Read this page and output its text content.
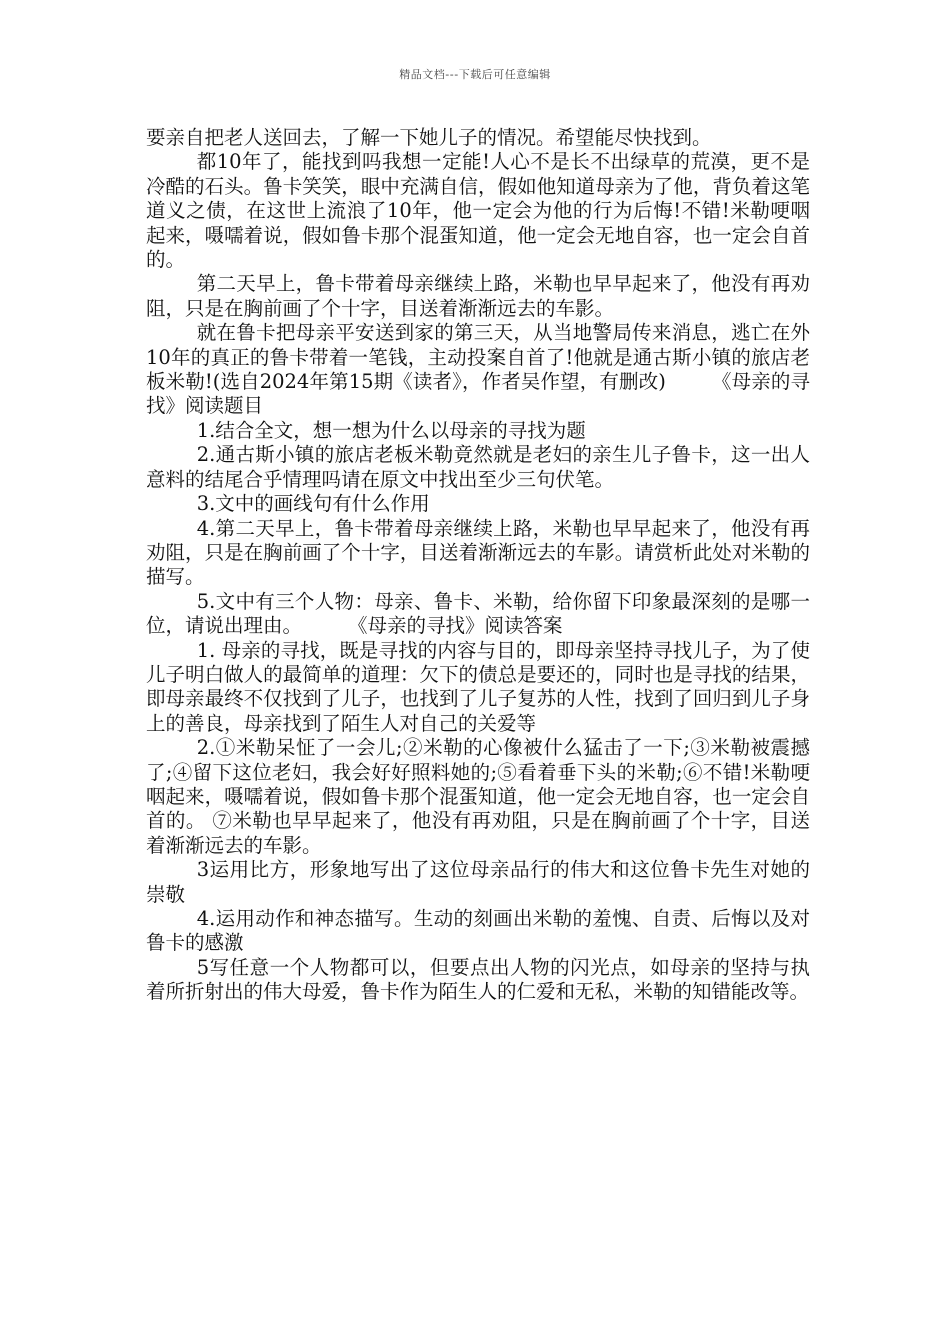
精品文档---下载后可任意编辑

要亲自把老人送回去，了解一下她儿子的情况。希望能尽快找到。

都10年了，能找到吗我想一定能!人心不是长不出绿草的荒漠，更不是冷酷的石头。鲁卡笑笑，眼中充满自信，假如他知道母亲为了他，背负着这笔道义之债，在这世上流浪了10年，他一定会为他的行为后悔!不错!米勒哽咽起来，嗫嚅着说，假如鲁卡那个混蛋知道，他一定会无地自容，也一定会自首的。

第二天早上，鲁卡带着母亲继续上路，米勒也早早起来了，他没有再劝阻，只是在胸前画了个十字，目送着渐渐远去的车影。

就在鲁卡把母亲平安送到家的第三天，从当地警局传来消息，逃亡在外10年的真正的鲁卡带着一笔钱，主动投案自首了!他就是通古斯小镇的旅店老板米勒!(选自2024年第15期《读者》，作者吴作望，有删改) 《母亲的寻找》阅读题目

1.结合全文，想一想为什么以母亲的寻找为题

2.通古斯小镇的旅店老板米勒竟然就是老妇的亲生儿子鲁卡，这一出人意料的结尾合乎情理吗请在原文中找出至少三句伏笔。

3.文中的画线句有什么作用

4.第二天早上，鲁卡带着母亲继续上路，米勒也早早起来了，他没有再劝阻，只是在胸前画了个十字，目送着渐渐远去的车影。请赏析此处对米勒的描写。

5.文中有三个人物：母亲、鲁卡、米勒，给你留下印象最深刻的是哪一位，请说出理由。 《母亲的寻找》阅读答案

1. 母亲的寻找，既是寻找的内容与目的，即母亲坚持寻找儿子，为了使儿子明白做人的最简单的道理：欠下的债总是要还的，同时也是寻找的结果，即母亲最终不仅找到了儿子，也找到了儿子复苏的人性，找到了回归到儿子身上的善良，母亲找到了陌生人对自己的关爱等

2.①米勒呆怔了一会儿;②米勒的心像被什么猛击了一下;③米勒被震撼了;④留下这位老妇，我会好好照料她的;⑤看着垂下头的米勒;⑥不错!米勒哽咽起来，嗫嚅着说，假如鲁卡那个混蛋知道，他一定会无地自容，也一定会自首的。 ⑦米勒也早早起来了，他没有再劝阻，只是在胸前画了个十字，目送着渐渐远去的车影。

3运用比方，形象地写出了这位母亲品行的伟大和这位鲁卡先生对她的崇敬

4.运用动作和神态描写。生动的刻画出米勒的羞愧、自责、后悔以及对鲁卡的感激

5写任意一个人物都可以，但要点出人物的闪光点，如母亲的坚持与执着所折射出的伟大母爱，鲁卡作为陌生人的仁爱和无私，米勒的知错能改等。
